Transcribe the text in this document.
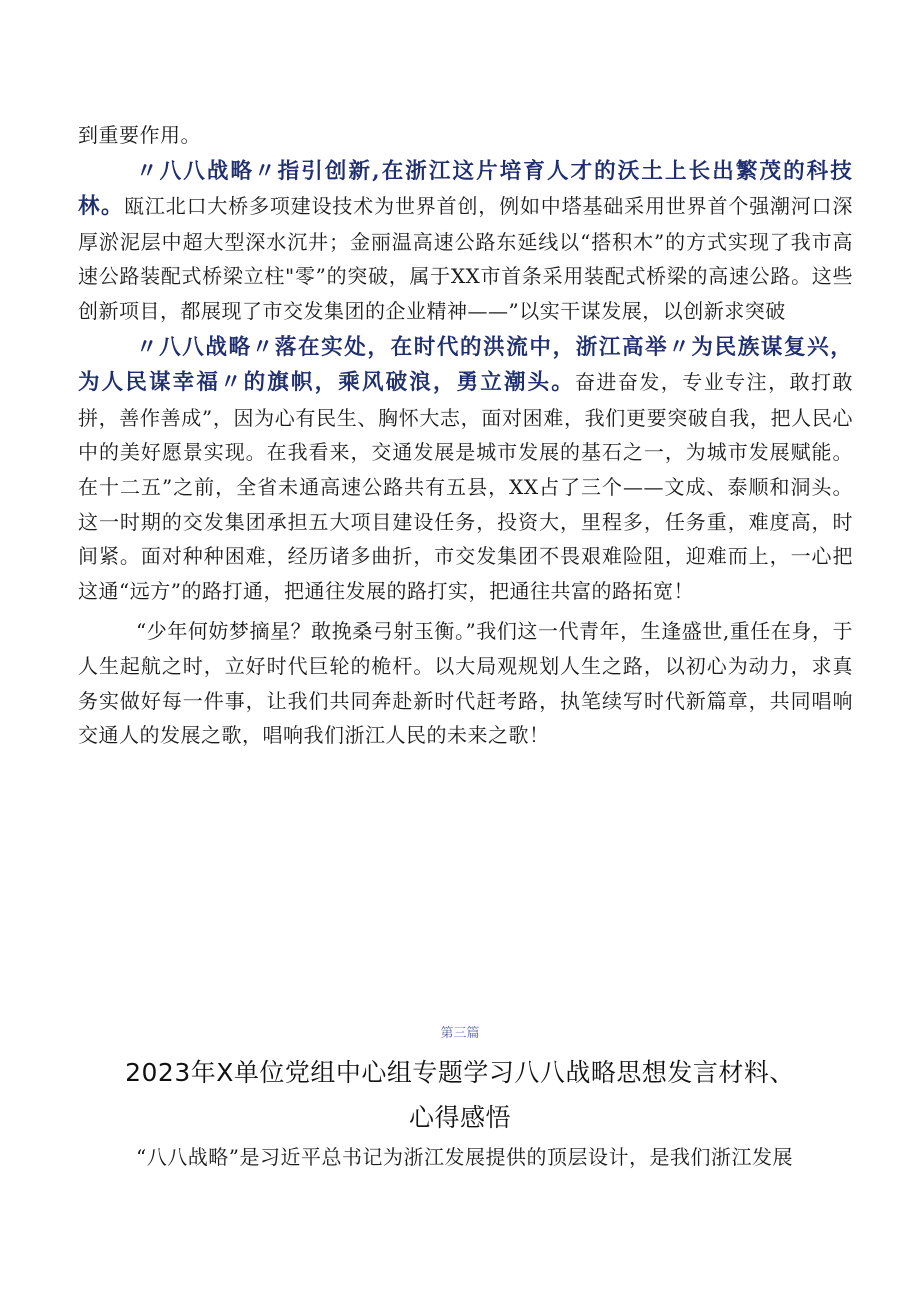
到重要作用。

〃八八战略〃指引创新,在浙江这片培育人才的沃土上长出繁茂的科技林。瓯江北口大桥多项建设技术为世界首创，例如中塔基础采用世界首个强潮河口深厚淤泥层中超大型深水沉井；金丽温高速公路东延线以“搭积木”的方式实现了我市高速公路装配式桥梁立柱"零”的突破，属于XX市首条采用装配式桥梁的高速公路。这些创新项目，都展现了市交发集团的企业精神——”以实干谋发展，以创新求突破

〃八八战略〃落在实处，在时代的洪流中，浙江高举〃为民族谋复兴，为人民谋幸福〃的旗帜，乘风破浪，勇立潮头。奋进奋发，专业专注，敢打敢拼，善作善成”，因为心有民生、胸怀大志，面对困难，我们更要突破自我，把人民心中的美好愿景实现。在我看来，交通发展是城市发展的基石之一，为城市发展赋能。在十二五”之前，全省未通高速公路共有五县，XX占了三个——文成、泰顺和洞头。这一时期的交发集团承担五大项目建设任务，投资大，里程多，任务重，难度高，时间紧。面对种种困难，经历诸多曲折，市交发集团不畏艰难险阻，迎难而上，一心把这通“远方”的路打通，把通往发展的路打实，把通往共富的路拓宽！

“少年何妨梦摘星？敢挽桑弓射玉衡。”我们这一代青年，生逢盛世,重任在身，于人生起航之时，立好时代巨轮的桅杆。以大局观规划人生之路，以初心为动力，求真务实做好每一件事，让我们共同奔赴新时代赶考路，执笔续写时代新篇章，共同唱响交通人的发展之歌，唱响我们浙江人民的未来之歌！

第三篇
2023年X单位党组中心组专题学习八八战略思想发言材料、
心得感悟

“八八战略”是习近平总书记为浙江发展提供的顶层设计，是我们浙江发展
